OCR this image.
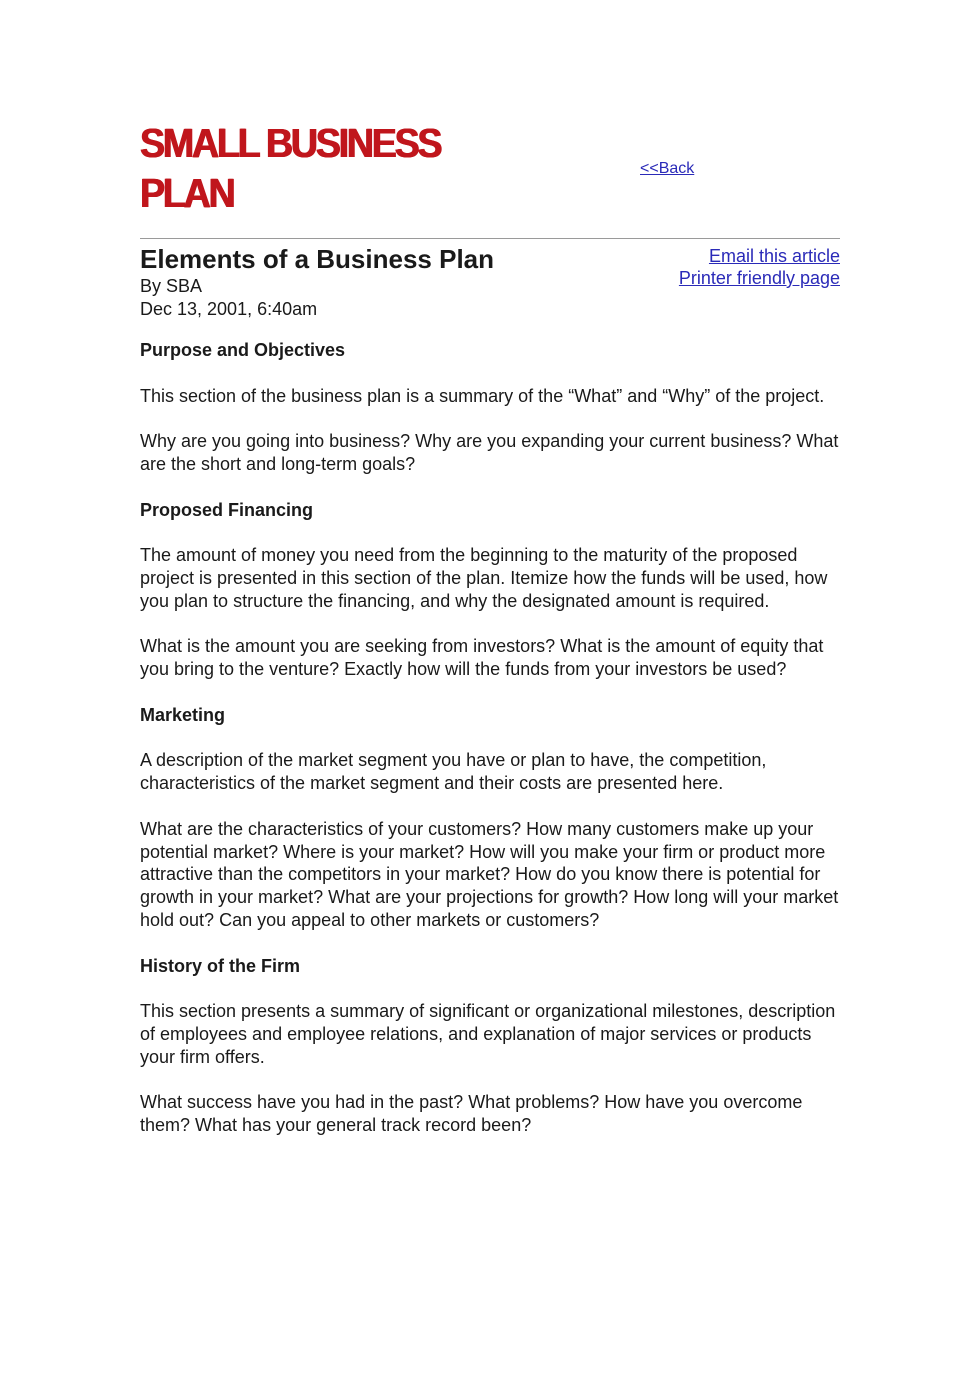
SMALL BUSINESS
PLAN
<<Back
Elements of a Business Plan
By SBA
Dec 13, 2001, 6:40am
Email this article
Printer friendly page
Purpose and Objectives

This section of the business plan is a summary of the “What” and “Why” of the project.

Why are you going into business? Why are you expanding your current business? What are the short and long-term goals?

Proposed Financing

The amount of money you need from the beginning to the maturity of the proposed project is presented in this section of the plan. Itemize how the funds will be used, how you plan to structure the financing, and why the designated amount is required.

What is the amount you are seeking from investors? What is the amount of equity that you bring to the venture? Exactly how will the funds from your investors be used?

Marketing

A description of the market segment you have or plan to have, the competition, characteristics of the market segment and their costs are presented here.

What are the characteristics of your customers? How many customers make up your potential market? Where is your market? How will you make your firm or product more attractive than the competitors in your market? How do you know there is potential for growth in your market? What are your projections for growth? How long will your market hold out? Can you appeal to other markets or customers?

History of the Firm

This section presents a summary of significant or organizational milestones, description of employees and employee relations, and explanation of major services or products your firm offers.

What success have you had in the past? What problems? How have you overcome them? What has your general track record been?
